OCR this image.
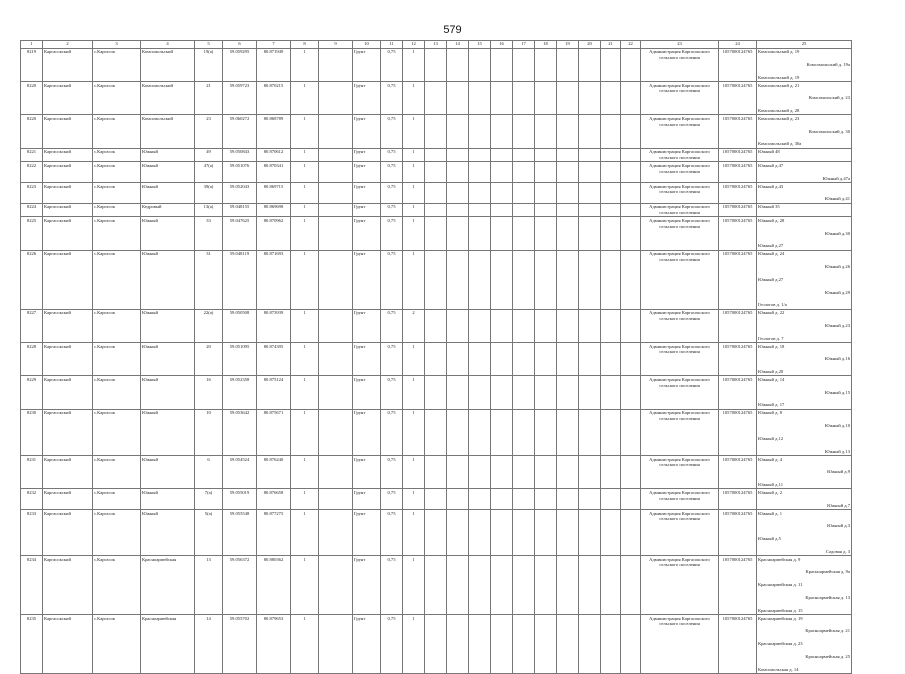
579
1	2	3	4	5	6	7	8	9	10	11	12	13	14	15	16	17	18	19	20	21	22	23	24	25
8219	Каргасокский	с.Каргасок	Комсомольский	19(а)	59.059295	80.871949	1		Грунт	0,75	1											Администрация Каргасокского сельского поселения	1057000124765	Комсомольский д. 19
Комсомольский д. 19а
Комсомольский д. 19

8220	Каргасокский	с.Каргасок	Комсомольский	21	59.059723	80.870215	1		Грунт	0,75	1											Администрация Каргасокского сельского поселения	1057000124765	Комсомольский д. 21
Комсомольский д. 23
Комсомольский д. 28

8220	Каргасокский	с.Каргасок	Комсомольский	23	59.060272	80.868789	1		Грунт	0,75	1											Администрация Каргасокского сельского поселения	1057000124765	Комсомольский д. 23
Комсомольский д. 30
Комсомольский д. 30а

8221	Каргасокский	с.Каргасок	Южный	49	59.050843	80.870612	1		Грунт	0,75	1											Администрация Каргасокского сельского поселения	1057000124765	Южный 48

8222	Каргасокский	с.Каргасок	Южный	47(а)	59.051076	80.870341	1		Грунт	0,75	1											Администрация Каргасокского сельского поселения	1057000124765	Южный д.47
Южный д.47а

8223	Каргасокский	с.Каргасок	Южный	39(а)	59.052043	80.869715	1		Грунт	0,75	1											Администрация Каргасокского сельского поселения	1057000124765	Южный д.43
Южный д.41

8224	Каргасокский	с.Каргасок	Кедровый	13(а)	59.048155	80.869698	1		Грунт	0,75	1											Администрация Каргасокского сельского поселения	1057000124765	Южный 35

8225	Каргасокский	с.Каргасок	Южный	33	59.047625	80.870962	1		Грунт	0,75	1											Администрация Каргасокского сельского поселения	1057000124765	Южный д. 28
Южный д.30
Южный д.27

8226	Каргасокский	с.Каргасок	Южный	31	59.048119	80.871693	1		Грунт	0,75	1											Администрация Каргасокского сельского поселения	1057000124765	Южный д. 24
Южный д.26
Южный д.27
Южный д.29
Геологов д. 1/а

8227	Каргасокский	с.Каргасок	Южный	22(а)	59.050508	80.873939	1		Грунт	0,75	2											Администрация Каргасокского сельского поселения	1057000124765	Южный д. 22
Южный д.23
Геологов д. 7

8228	Каргасокский	с.Каргасок	Южный	20	59.051095	80.874395	1		Грунт	0,75	1											Администрация Каргасокского сельского поселения	1057000124765	Южный д. 18
Южный д.16
Южный д.20

8229	Каргасокский	с.Каргасок	Южный	16	59.052358	80.875124	1		Грунт	0,75	1											Администрация Каргасокского сельского поселения	1057000124765	Южный д. 14
Южный д.15
Южный д. 17

8230	Каргасокский	с.Каргасок	Южный	10	59.053642	80.875671	1		Грунт	0,75	1											Администрация Каргасокского сельского поселения	1057000124765	Южный д. 8
Южный д.10
Южный д.12
Южный д.13

8231	Каргасокский	с.Каргасок	Южный	6	59.054524	80.876240	1		Грунт	0,75	1											Администрация Каргасокского сельского поселения	1057000124765	Южный д. 4
Южный д.9
Южный д.11

8232	Каргасокский	с.Каргасок	Южный	7(а)	59.055019	80.876658	1		Грунт	0,75	1											Администрация Каргасокского сельского поселения	1057000124765	Южный д. 2
Южный д.7

8233	Каргасокский	с.Каргасок	Южный	5(а)	59.055548	80.877275	1		Грунт	0,75	1											Администрация Каргасокского сельского поселения	1057000124765	Южный д. 1
Южный д.3
Южный д.5
Садовая д. 3

8234	Каргасокский	с.Каргасок	Красноармейская	13	59.056372	80.880362	1		Грунт	0,75	1											Администрация Каргасокского сельского поселения	1057000124765	Красноармейская д. 9
Красноармейская д. 9а
Красноармейская д. 11
Красноармейская д. 13
Красноармейская д. 15

8235	Каргасокский	с.Каргасок	Красноармейская	14	59.055702	80.879653	1		Грунт	0,75	1											Администрация Каргасокского сельского поселения	1057000124765	Красноармейская д. 19
Красноармейская д. 21
Красноармейская д. 23
Красноармейская д. 25
Комсомольская д. 14
